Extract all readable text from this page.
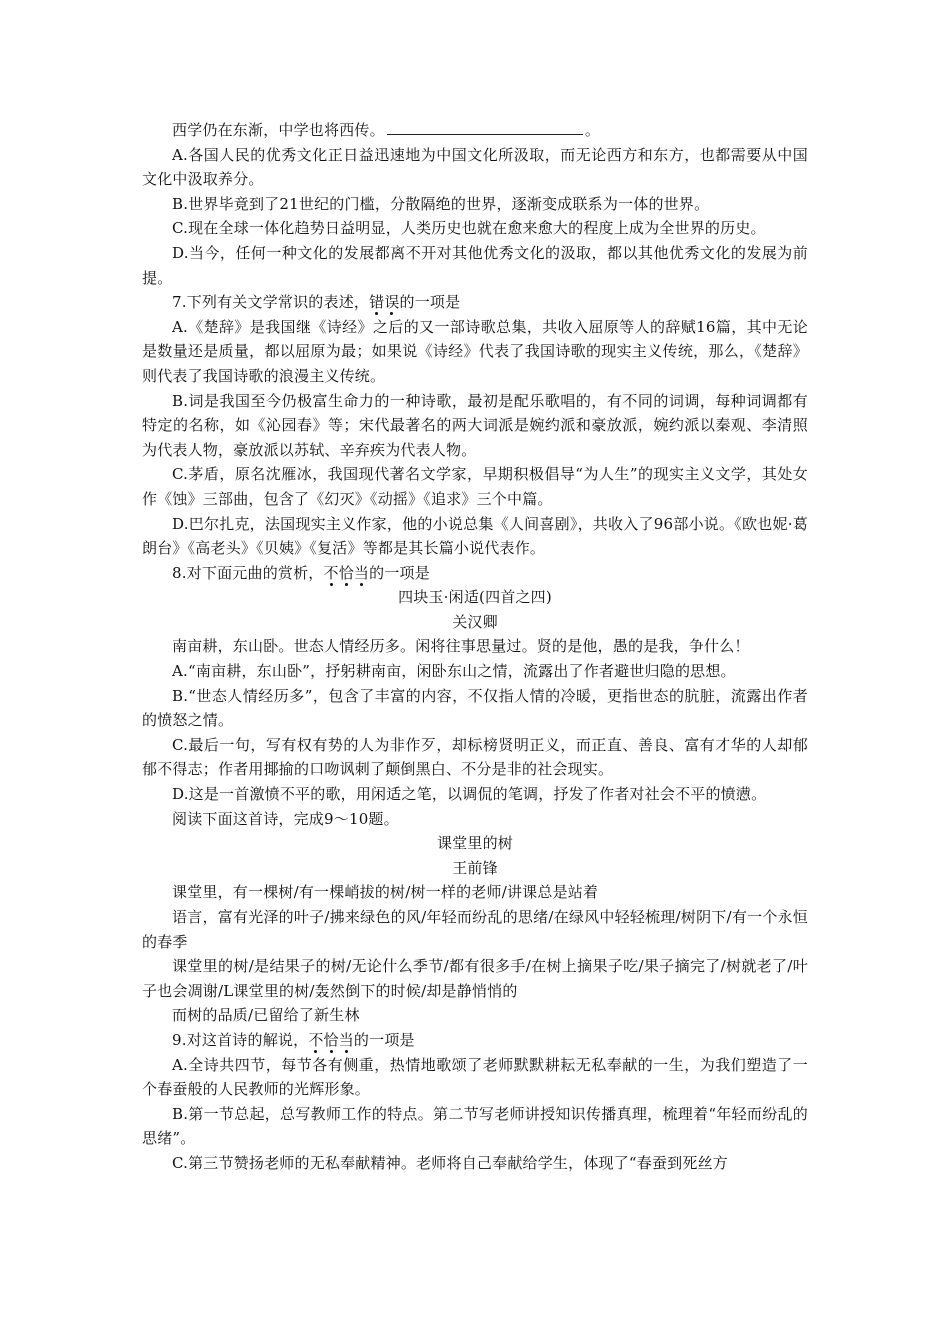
西学仍在东渐，中学也将西传。	。

A.各国人民的优秀文化正日益迅速地为中国文化所汲取，而无论西方和东方，也都需要从中国文化中汲取养分。

B.世界毕竟到了21世纪的门槛，分散隔绝的世界，逐渐变成联系为一体的世界。

C.现在全球一体化趋势日益明显，人类历史也就在愈来愈大的程度上成为全世界的历史。

D.当今，任何一种文化的发展都离不开对其他优秀文化的汲取，都以其他优秀文化的发展为前提。

7.下列有关文学常识的表述，错误的一项是

A.《楚辞》是我国继《诗经》之后的又一部诗歌总集，共收入屈原等人的辞赋16篇，其中无论是数量还是质量，都以屈原为最；如果说《诗经》代表了我国诗歌的现实主义传统，那么，《楚辞》则代表了我国诗歌的浪漫主义传统。

B.词是我国至今仍极富生命力的一种诗歌，最初是配乐歌唱的，有不同的词调，每种词调都有特定的名称，如《沁园春》等；宋代最著名的两大词派是婉约派和豪放派，婉约派以秦观、李清照为代表人物，豪放派以苏轼、辛弃疾为代表人物。

C.茅盾，原名沈雁冰，我国现代著名文学家，早期积极倡导“为人生”的现实主义文学，其处女作《蚀》三部曲，包含了《幻灭》《动摇》《追求》三个中篇。

D.巴尔扎克，法国现实主义作家，他的小说总集《人间喜剧》，共收入了96部小说。《欧也妮·葛朗台》《高老头》《贝姨》《复活》等都是其长篇小说代表作。

8.对下面元曲的赏析，不恰当的一项是

四块玉·闲适(四首之四)

关汉卿

南亩耕，东山卧。世态人情经历多。闲将往事思量过。贤的是他，愚的是我，争什么！

A.“南亩耕，东山卧”，抒躬耕南亩，闲卧东山之情，流露出了作者避世归隐的思想。

B.“世态人情经历多”，包含了丰富的内容，不仅指人情的冷暖，更指世态的肮脏，流露出作者的愤怒之情。

C.最后一句，写有权有势的人为非作歹，却标榜贤明正义，而正直、善良、富有才华的人却郁郁不得志；作者用揶揄的口吻讽刺了颠倒黑白、不分是非的社会现实。

D.这是一首激愤不平的歌，用闲适之笔，以调侃的笔调，抒发了作者对社会不平的愤懑。

阅读下面这首诗，完成9～10题。

课堂里的树

王前锋

课堂里，有一棵树/有一棵峭拔的树/树一样的老师/讲课总是站着

语言，富有光泽的叶子/拂来绿色的风/年轻而纷乱的思绪/在绿风中轻轻梳理/树阴下/有一个永恒的春季

课堂里的树/是结果子的树/无论什么季节/都有很多手/在树上摘果子吃/果子摘完了/树就老了/叶子也会凋谢/L课堂里的树/轰然倒下的时候/却是静悄悄的

而树的品质/已留给了新生林

9.对这首诗的解说，不恰当的一项是

A.全诗共四节，每节各有侧重，热情地歌颂了老师默默耕耘无私奉献的一生，为我们塑造了一个春蚕般的人民教师的光辉形象。

B.第一节总起，总写教师工作的特点。第二节写老师讲授知识传播真理，梳理着“年轻而纷乱的思绪”。

C.第三节赞扬老师的无私奉献精神。老师将自己奉献给学生，体现了“春蚕到死丝方
